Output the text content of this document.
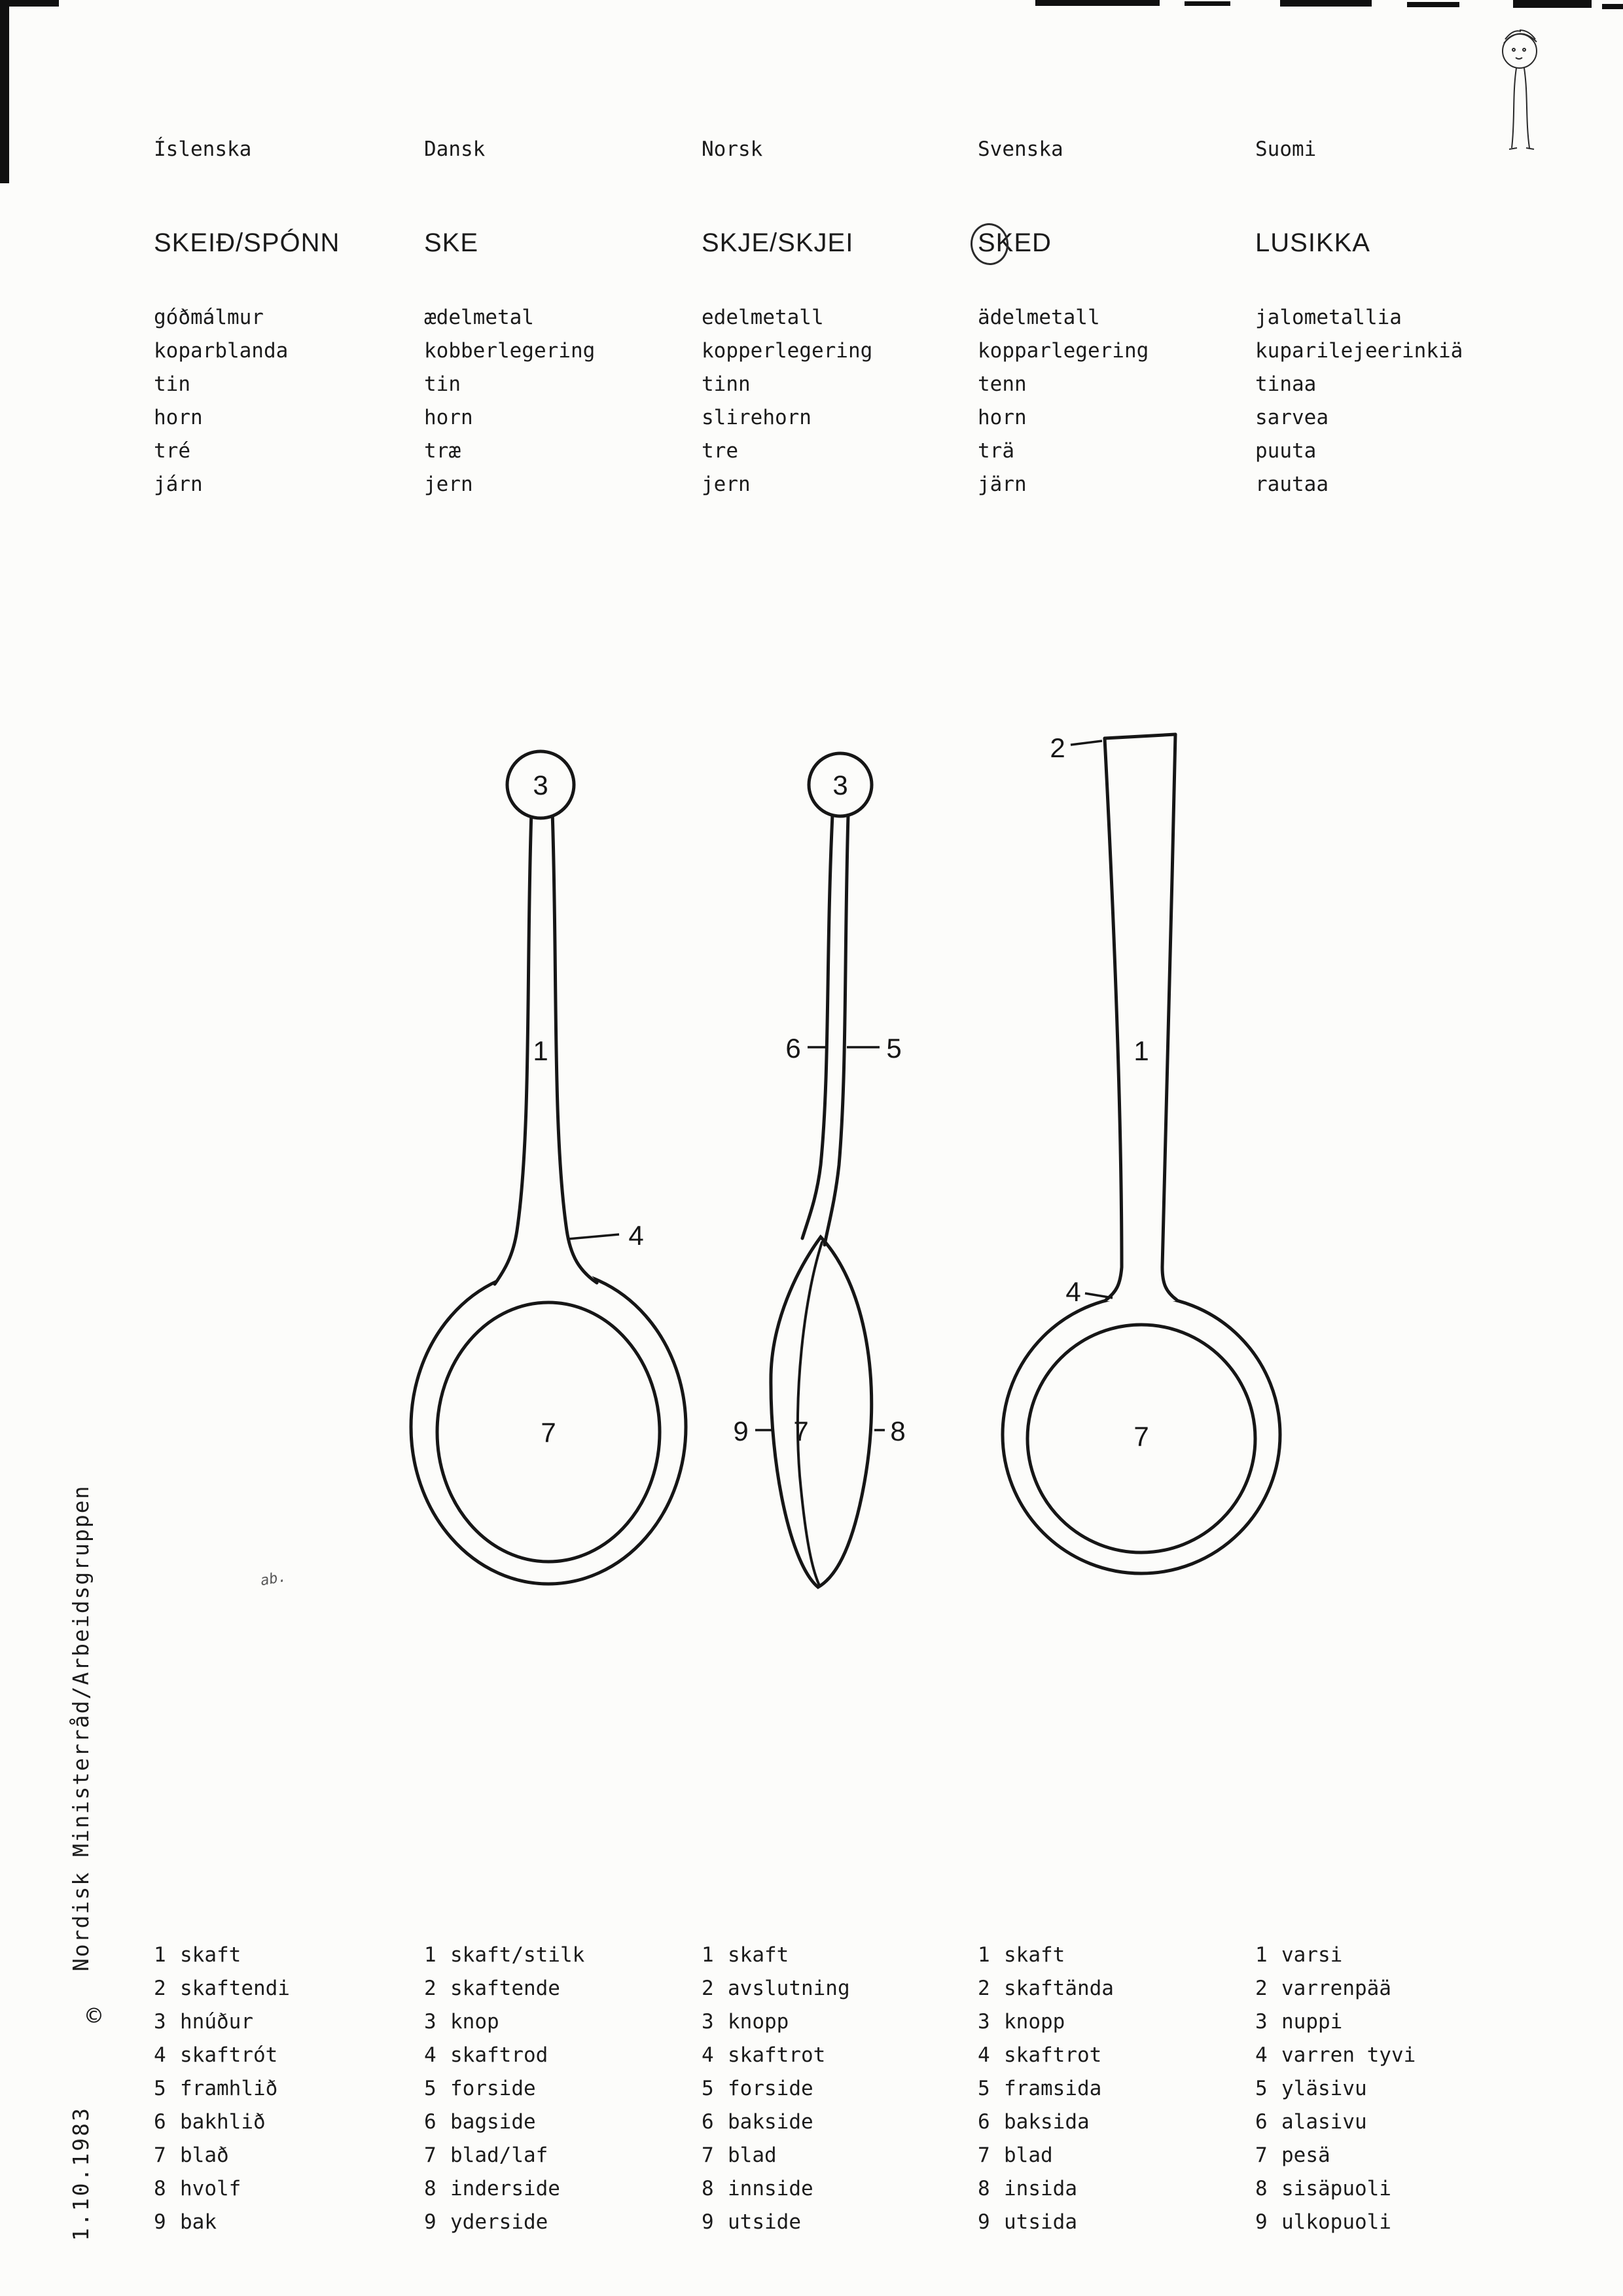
ab.
Íslenska
SKEIÐ/SPÓNN
góðmálmur
koparblanda
tin
horn
tré
járn
Dansk
SKE
ædelmetal
kobberlegering
tin
horn
træ
jern
Norsk
SKJE/SKJEI
edelmetall
kopperlegering
tinn
slirehorn
tre
jern
Svenska
SKED
ädelmetall
kopparlegering
tenn
horn
trä
järn
Suomi
LUSIKKA
jalometallia
kuparilejeerinkiä
tinaa
sarvea
puuta
rautaa
3
1
4
7
3
6	5
9 7	8
2
1
4
7
1 skaft
2 skaftendi
3 hnúður
4 skaftrót
5 framhlið
6 bakhlið
7 blað
8 hvolf
9 bak
1 skaft/stilk
2 skaftende
3 knop
4 skaftrod
5 forside
6 bagside
7 blad/laf
8 inderside
9 yderside
1 skaft
2 avslutning
3 knopp
4 skaftrot
5 forside
6 bakside
7 blad
8 innside
9 utside
1 skaft
2 skaftända
3 knopp
4 skaftrot
5 framsida
6 baksida
7 blad
8 insida
9 utsida
1 varsi
2 varrenpää
3 nuppi
4 varren tyvi
5 yläsivu
6 alasivu
7 pesä
8 sisäpuoli
9 ulkopuoli
Nordisk Ministerråd/Arbeidsgruppen
©
1.10.1983
